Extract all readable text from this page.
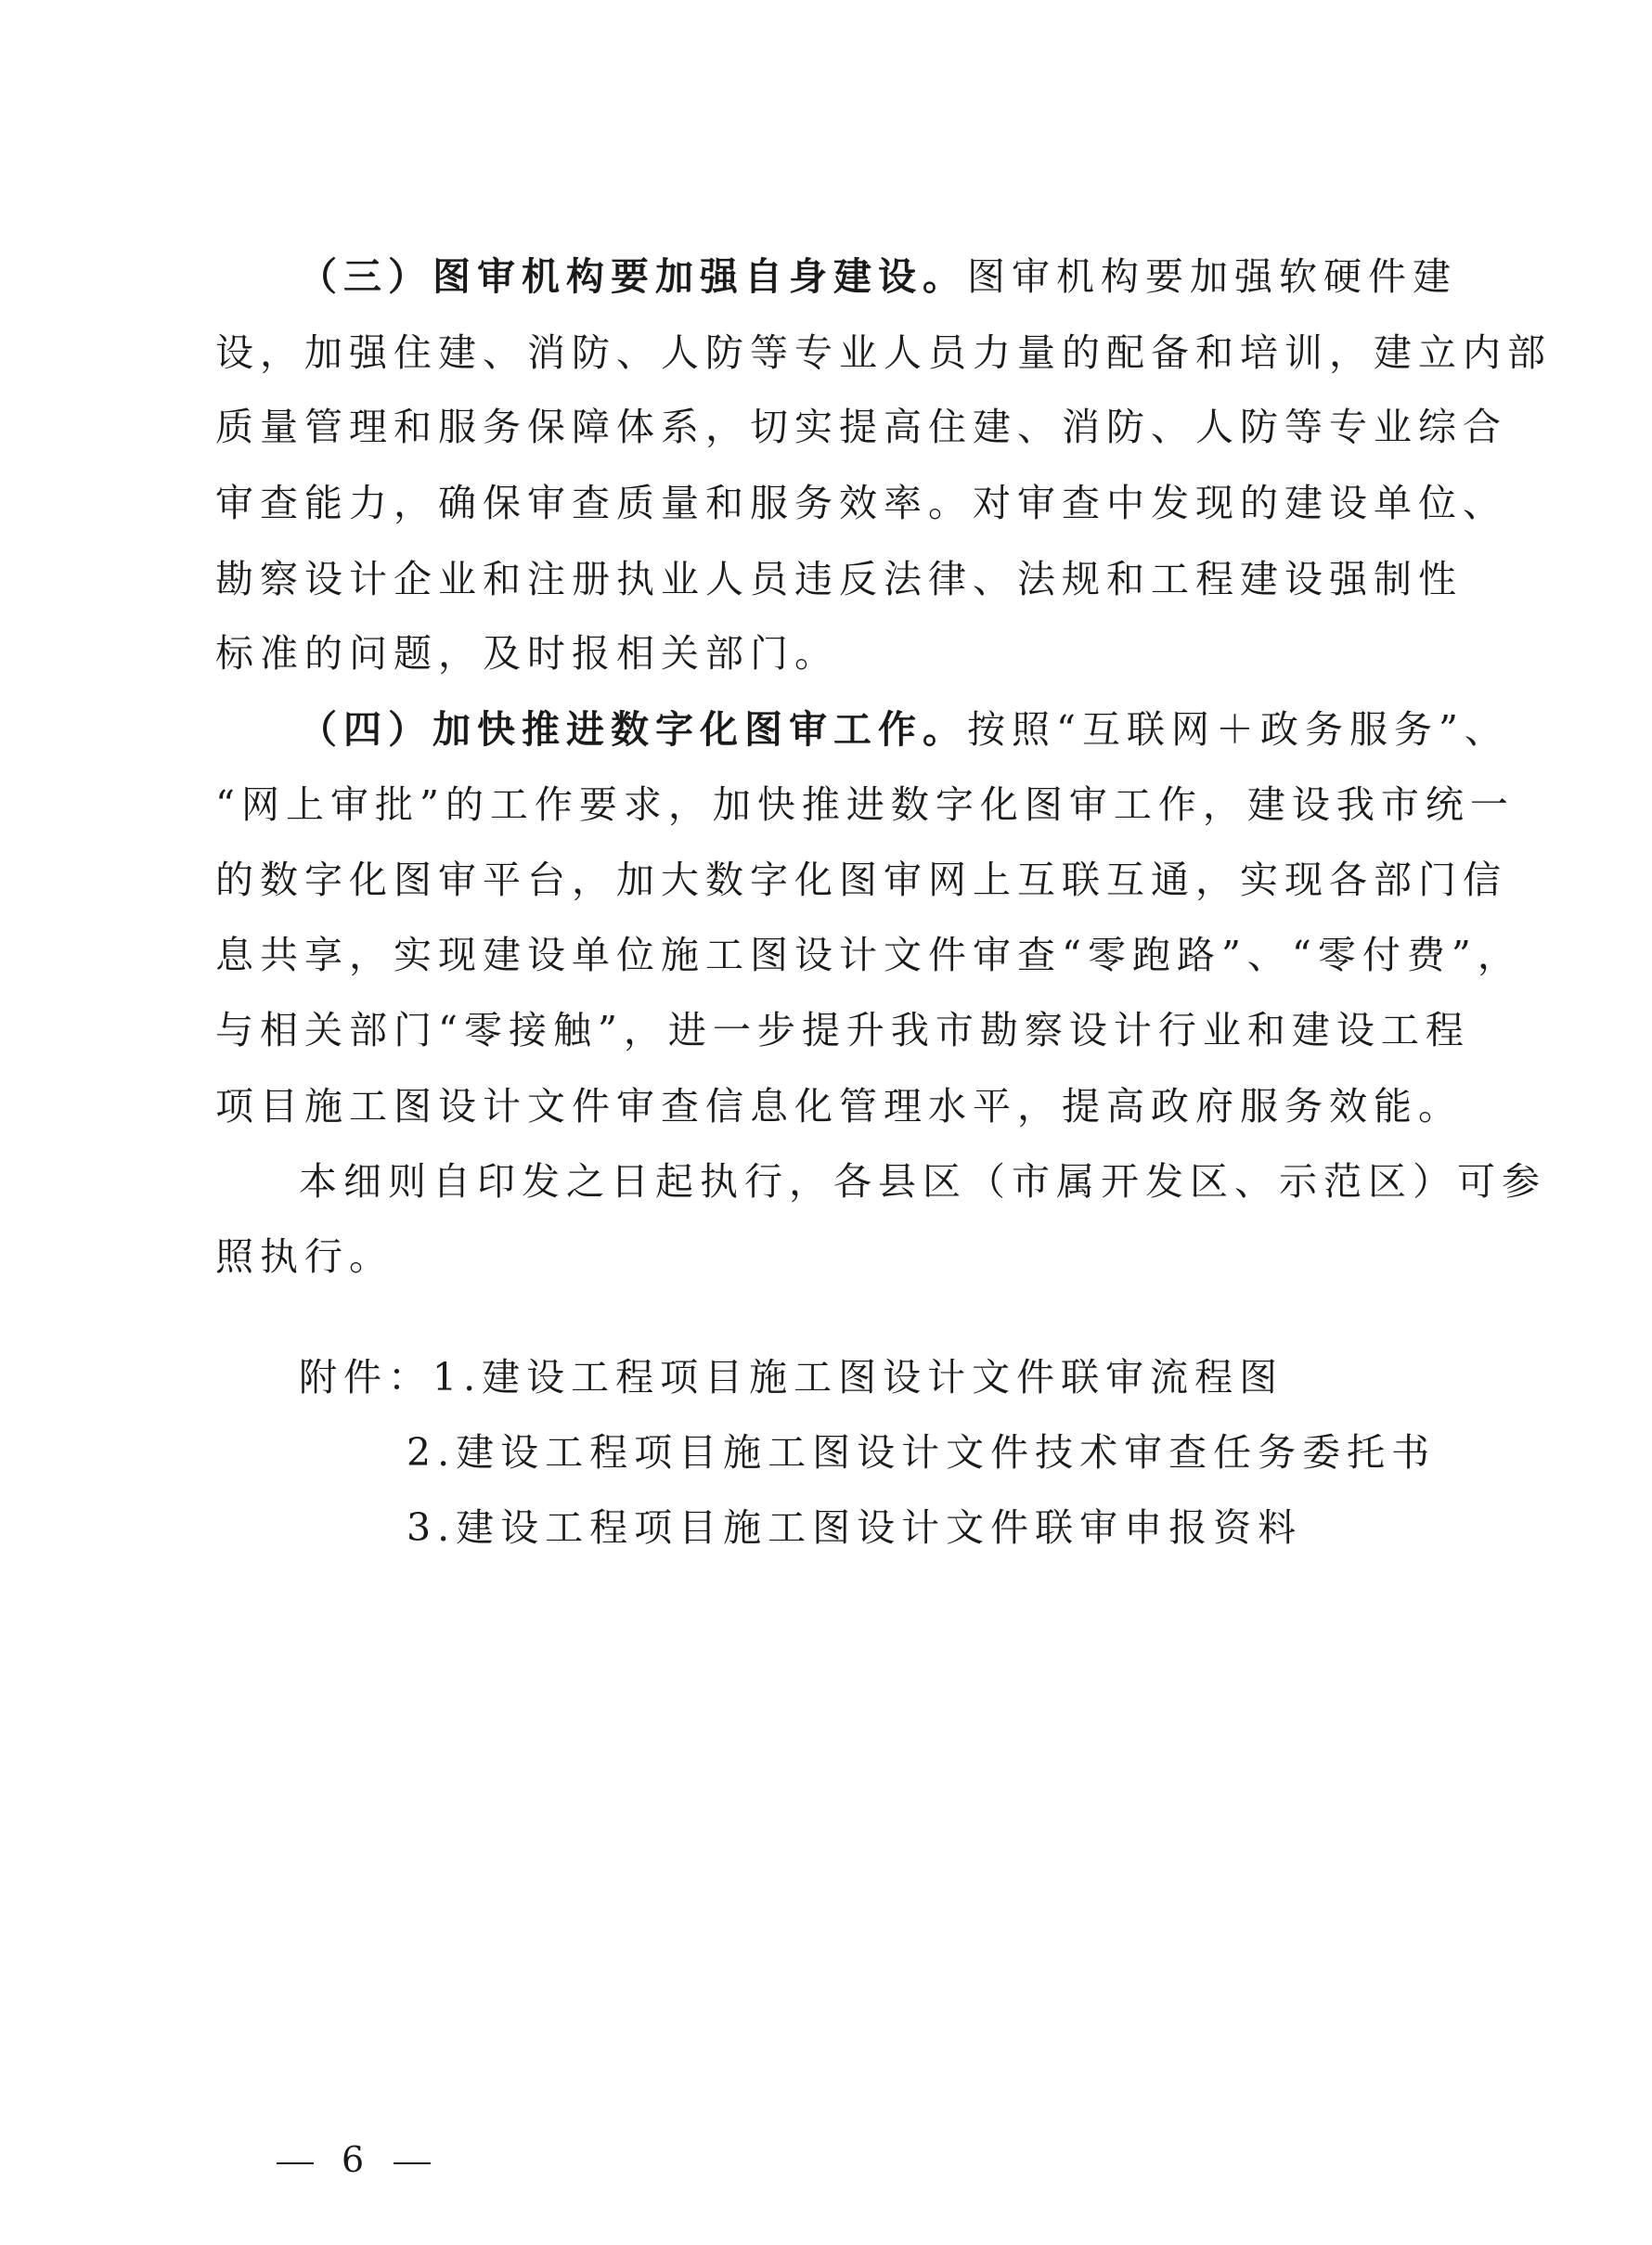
（三）图审机构要加强自身建设。图审机构要加强软硬件建
设，加强住建、消防、人防等专业人员力量的配备和培训，建立内部
质量管理和服务保障体系，切实提高住建、消防、人防等专业综合
审查能力，确保审查质量和服务效率。对审查中发现的建设单位、
勘察设计企业和注册执业人员违反法律、法规和工程建设强制性
标准的问题，及时报相关部门。
（四）加快推进数字化图审工作。按照“互联网＋政务服务”、
“网上审批”的工作要求，加快推进数字化图审工作，建设我市统一
的数字化图审平台，加大数字化图审网上互联互通，实现各部门信
息共享，实现建设单位施工图设计文件审查“零跑路”、“零付费”，
与相关部门“零接触”，进一步提升我市勘察设计行业和建设工程
项目施工图设计文件审查信息化管理水平，提高政府服务效能。
本细则自印发之日起执行，各县区（市属开发区、示范区）可参
照执行。
附件：1.建设工程项目施工图设计文件联审流程图
2.建设工程项目施工图设计文件技术审查任务委托书
3.建设工程项目施工图设计文件联审申报资料
6
